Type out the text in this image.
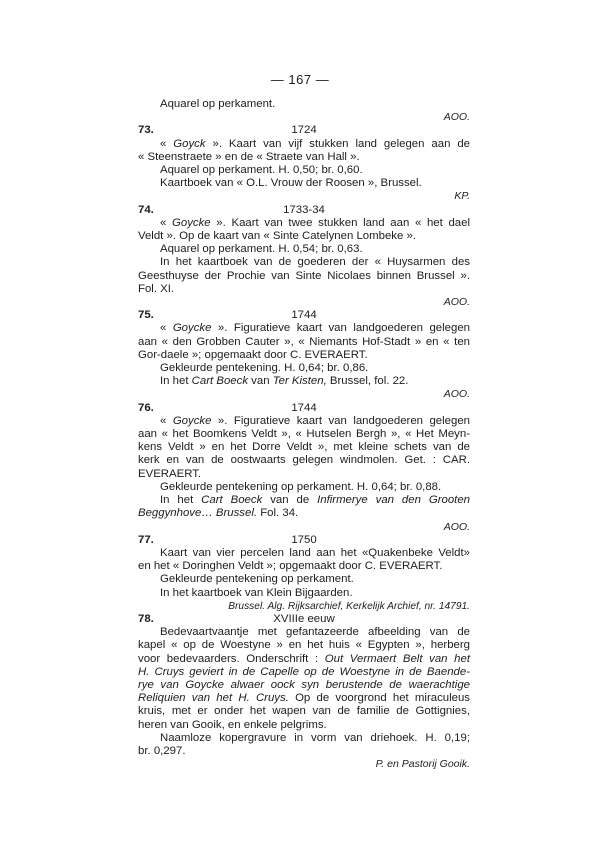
— 167 —
Aquarel op perkament.
AOO.
73.	1724
« Goyck ». Kaart van vijf stukken land gelegen aan de
« Steenstraete » en de « Straete van Hall ».
Aquarel op perkament. H. 0,50; br. 0,60.
Kaartboek van « O.L. Vrouw der Roosen », Brussel.
KP.
74.	1733-34
« Goycke ». Kaart van twee stukken land aan « het dael
Veldt ». Op de kaart van « Sinte Catelynen Lombeke ».
Aquarel op perkament. H. 0,54; br. 0,63.
In het kaartboek van de goederen der « Huysarmen des
Geesthuyse der Prochie van Sinte Nicolaes binnen Brussel ».
Fol. XI.
AOO.
75.	1744
« Goycke ». Figuratieve kaart van landgoederen gelegen
aan « den Grobben Cauter », « Niemants Hof-Stadt » en « ten
Gor-daele »; opgemaakt door C. EVERAERT.
Gekleurde pentekening. H. 0,64; br. 0,86.
In het Cart Boeck van Ter Kisten, Brussel, fol. 22.
AOO.
76.	1744
« Goycke ». Figuratieve kaart van landgoederen gelegen
aan « het Boomkens Veldt », « Hutselen Bergh », « Het Meyn-
kens Veldt » en het Dorre Veldt », met kleine schets van de
kerk en van de oostwaarts gelegen windmolen. Get. : CAR.
EVERAERT.
Gekleurde pentekening op perkament. H. 0,64; br. 0,88.
In het Cart Boeck van de Infirmerye van den Grooten
Beggynhove… Brussel. Fol. 34.
AOO.
77.	1750
Kaart van vier percelen land aan het «Quakenbeke Veldt»
en het « Doringhen Veldt »; opgemaakt door C. EVERAERT.
Gekleurde pentekening op perkament.
In het kaartboek van Klein Bijgaarden.
Brussel. Alg. Rijksarchief, Kerkelijk Archief, nr. 14791.
78.	XVIIIe eeuw
Bedevaartvaantje met gefantazeerde afbeelding van de
kapel « op de Woestyne » en het huis « Egypten », herberg
voor bedevaarders. Onderschrift : Out Vermaert Belt van het
H. Cruys geviert in de Capelle op de Woestyne in de Baende-
rye van Goycke alwaer oock syn berustende de waerachtige
Reliquien van het H. Cruys. Op de voorgrond het miraculeus
kruis, met er onder het wapen van de familie de Gottignies,
heren van Gooik, en enkele pelgrims.
Naamloze kopergravure in vorm van driehoek. H. 0,19;
br. 0,297.
P. en Pastorij Gooik.
